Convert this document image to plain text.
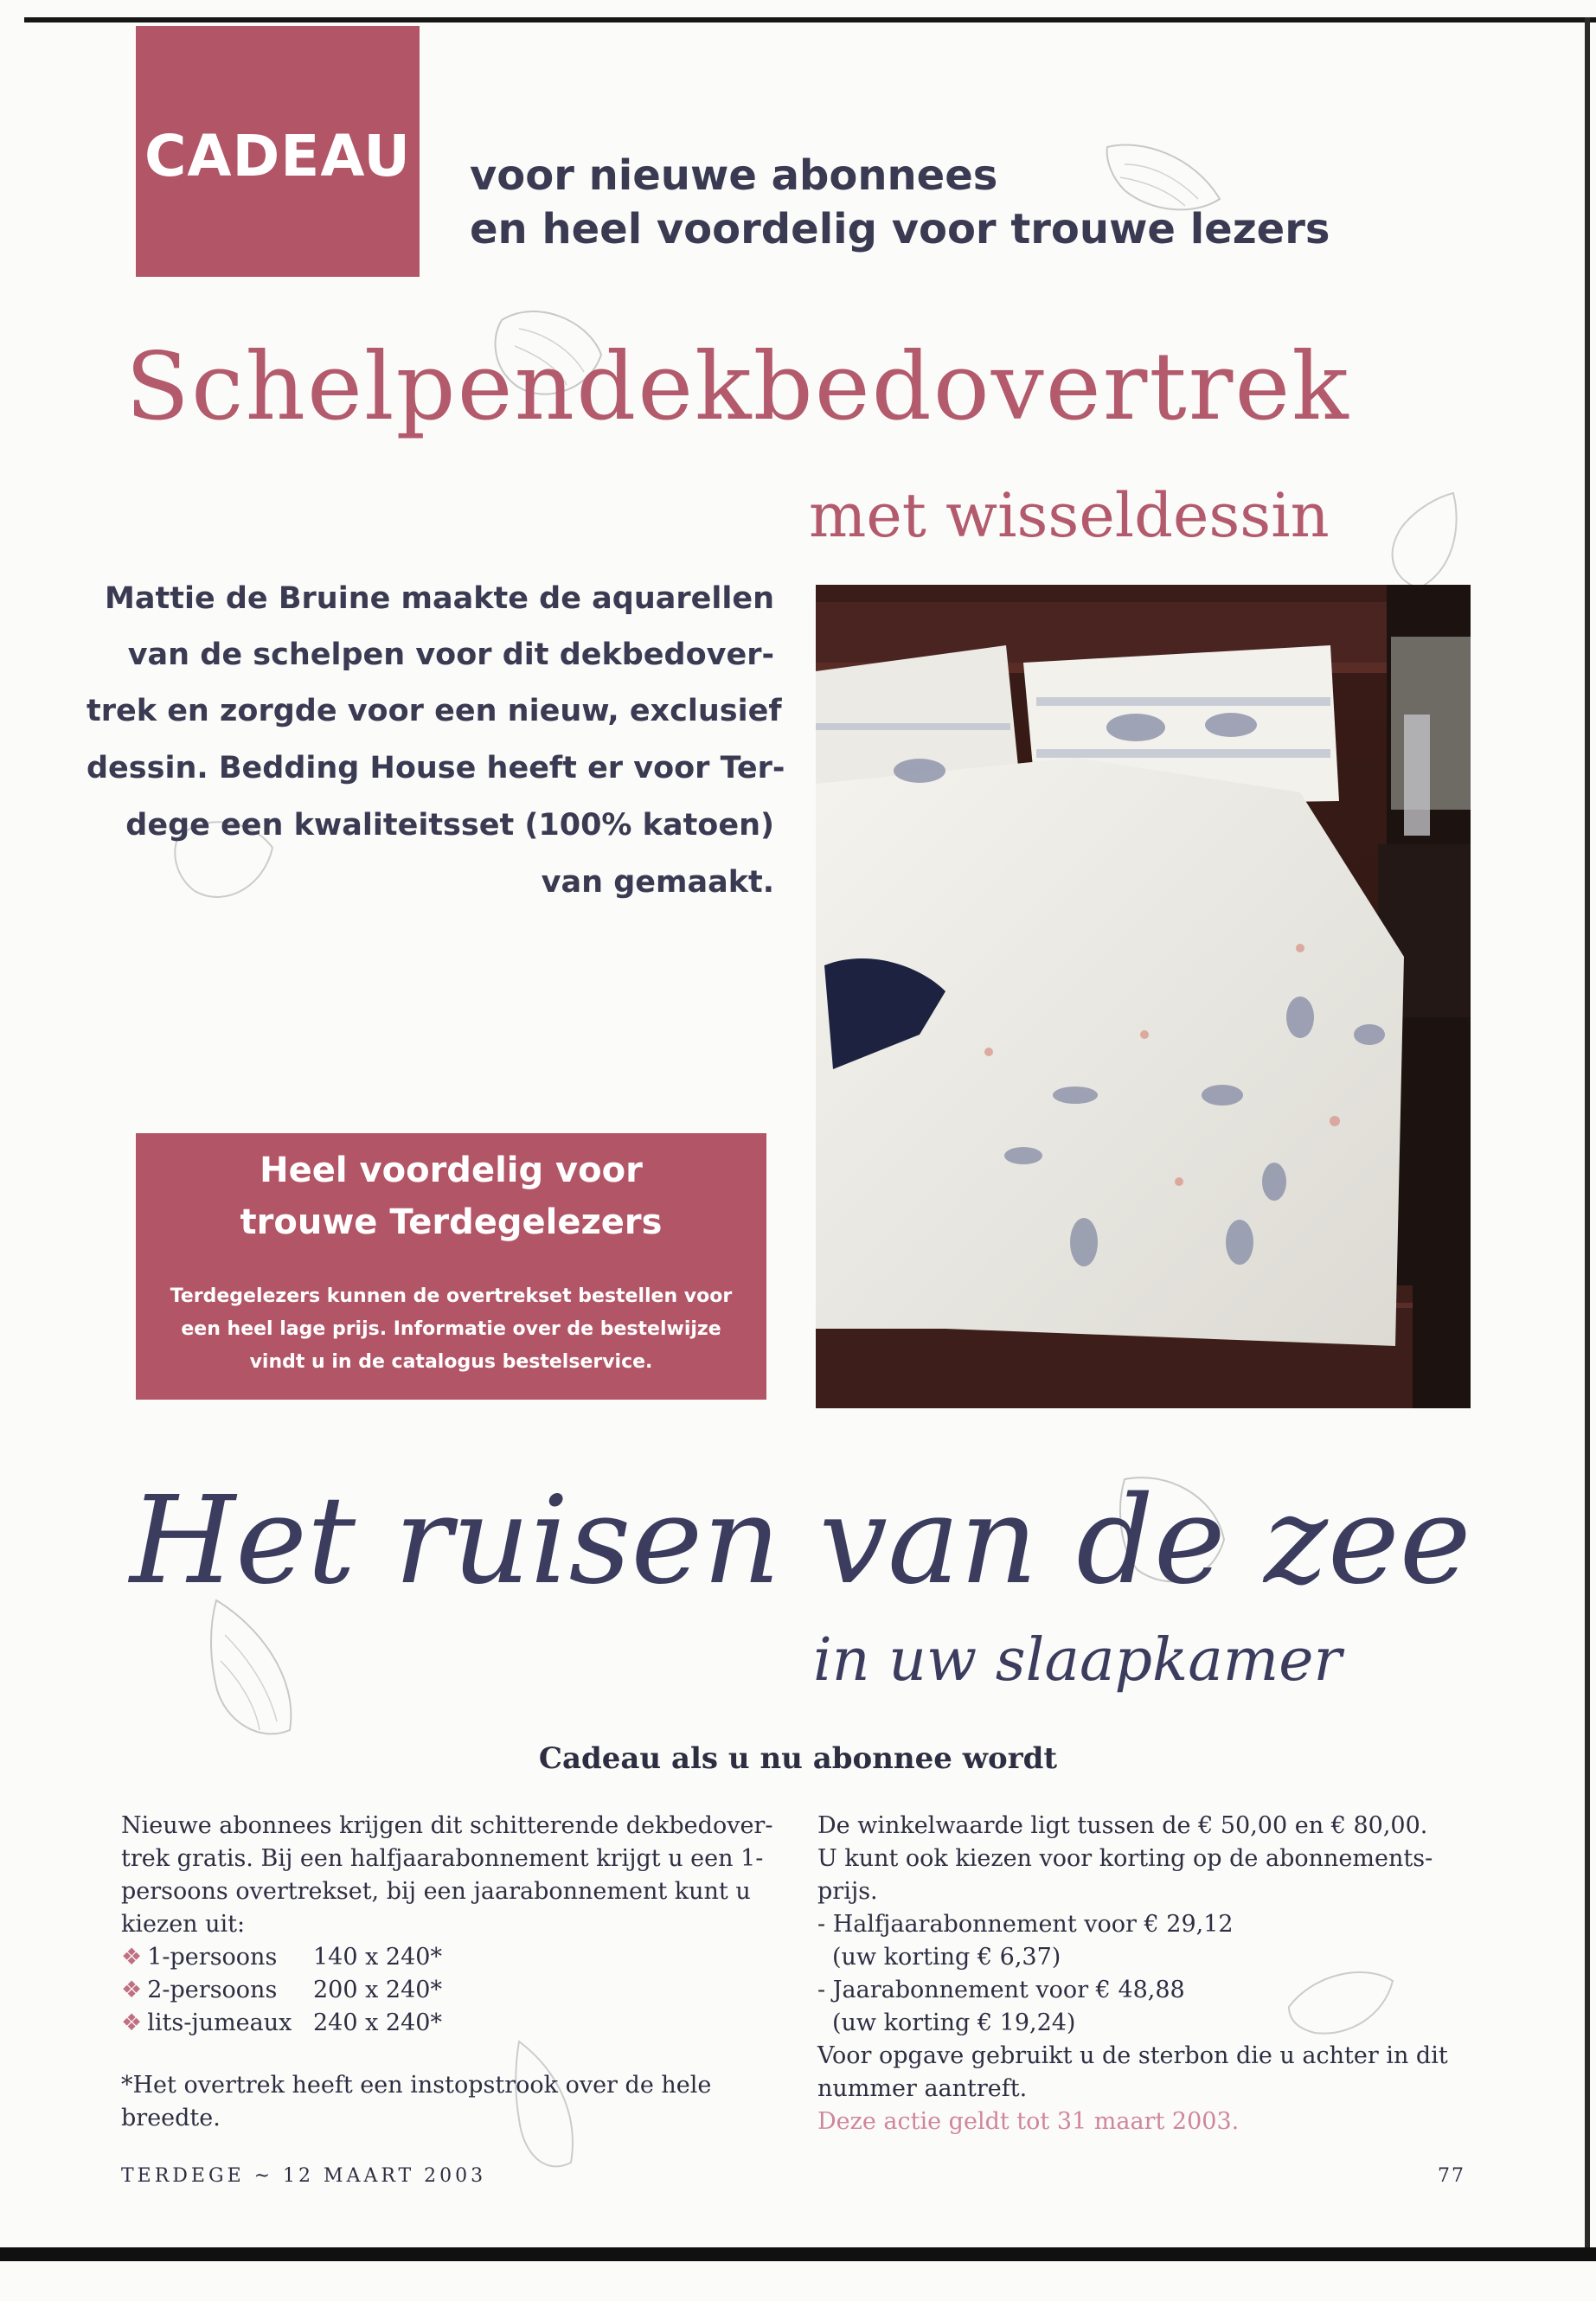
CADEAU voor nieuwe abonnees
en heel voordelig voor trouwe lezers
Schelpendekbedovertrek
met wisseldessin
Mattie de Bruine maakte de aquarellen
van de schelpen voor dit dekbedover-
trek en zorgde voor een nieuw, exclusief
dessin. Bedding House heeft er voor Ter-
dege een kwaliteitsset (100% katoen)
van gemaakt.
Heel voordelig voor
trouwe Terdegelezers
Terdegelezers kunnen de overtrekset bestellen voor
een heel lage prijs. Informatie over de bestelwijze
vindt u in de catalogus bestelservice.
Het ruisen van de zee
in uw slaapkamer
Cadeau als u nu abonnee wordt
Nieuwe abonnees krijgen dit schitterende dekbedover-
trek gratis. Bij een halfjaarabonnement krijgt u een 1-
persoons overtrekset, bij een jaarabonnement kunt u
kiezen uit:
❖ 1-persoons 140 x 240*
❖ 2-persoons 200 x 240*
❖ lits-jumeaux 240 x 240*
*Het overtrek heeft een instopstrook over de hele
breedte.
De winkelwaarde ligt tussen de € 50,00 en € 80,00.
U kunt ook kiezen voor korting op de abonnements-
prijs.
- Halfjaarabonnement voor € 29,12
(uw korting € 6,37)
- Jaarabonnement voor € 48,88
(uw korting € 19,24)
Voor opgave gebruikt u de sterbon die u achter in dit
nummer aantreft.
Deze actie geldt tot 31 maart 2003.
TERDEGE ~ 12 MAART 2003	77
